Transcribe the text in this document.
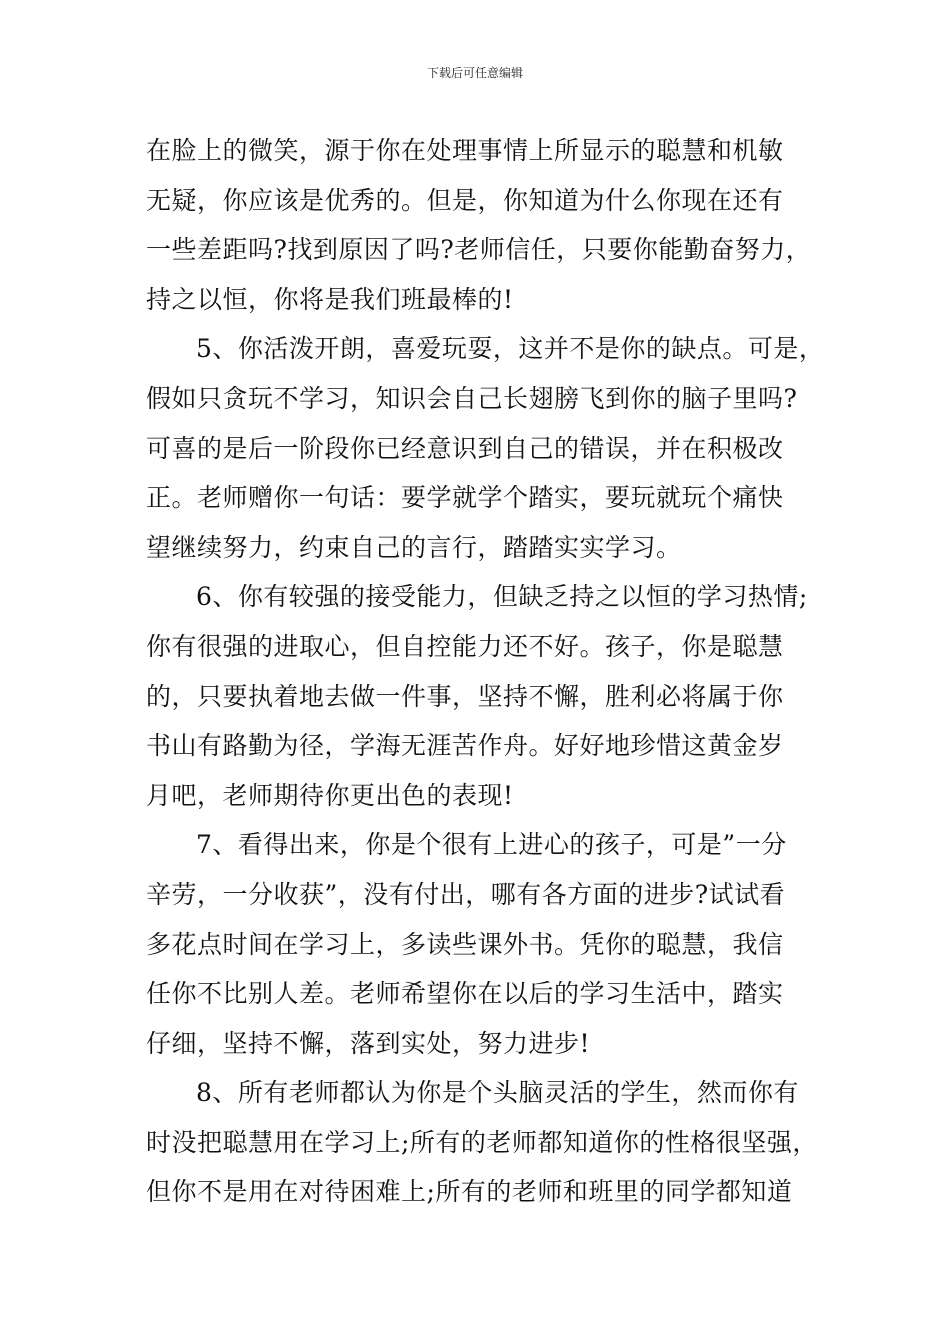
下载后可任意编辑
在脸上的微笑，源于你在处理事情上所显示的聪慧和机敏
无疑，你应该是优秀的。但是，你知道为什么你现在还有
一些差距吗?找到原因了吗?老师信任，只要你能勤奋努力，
持之以恒，你将是我们班最棒的!
5、你活泼开朗，喜爱玩耍，这并不是你的缺点。可是，
假如只贪玩不学习，知识会自己长翅膀飞到你的脑子里吗?
可喜的是后一阶段你已经意识到自己的错误，并在积极改
正。老师赠你一句话：要学就学个踏实，要玩就玩个痛快
望继续努力，约束自己的言行，踏踏实实学习。
6、你有较强的接受能力，但缺乏持之以恒的学习热情;
你有很强的进取心，但自控能力还不好。孩子，你是聪慧
的，只要执着地去做一件事，坚持不懈，胜利必将属于你
书山有路勤为径，学海无涯苦作舟。好好地珍惜这黄金岁
月吧，老师期待你更出色的表现!
7、看得出来，你是个很有上进心的孩子，可是”一分
辛劳，一分收获”，没有付出，哪有各方面的进步?试试看
多花点时间在学习上，多读些课外书。凭你的聪慧，我信
任你不比别人差。老师希望你在以后的学习生活中，踏实
仔细，坚持不懈，落到实处，努力进步!
8、所有老师都认为你是个头脑灵活的学生，然而你有
时没把聪慧用在学习上;所有的老师都知道你的性格很坚强，
但你不是用在对待困难上;所有的老师和班里的同学都知道
